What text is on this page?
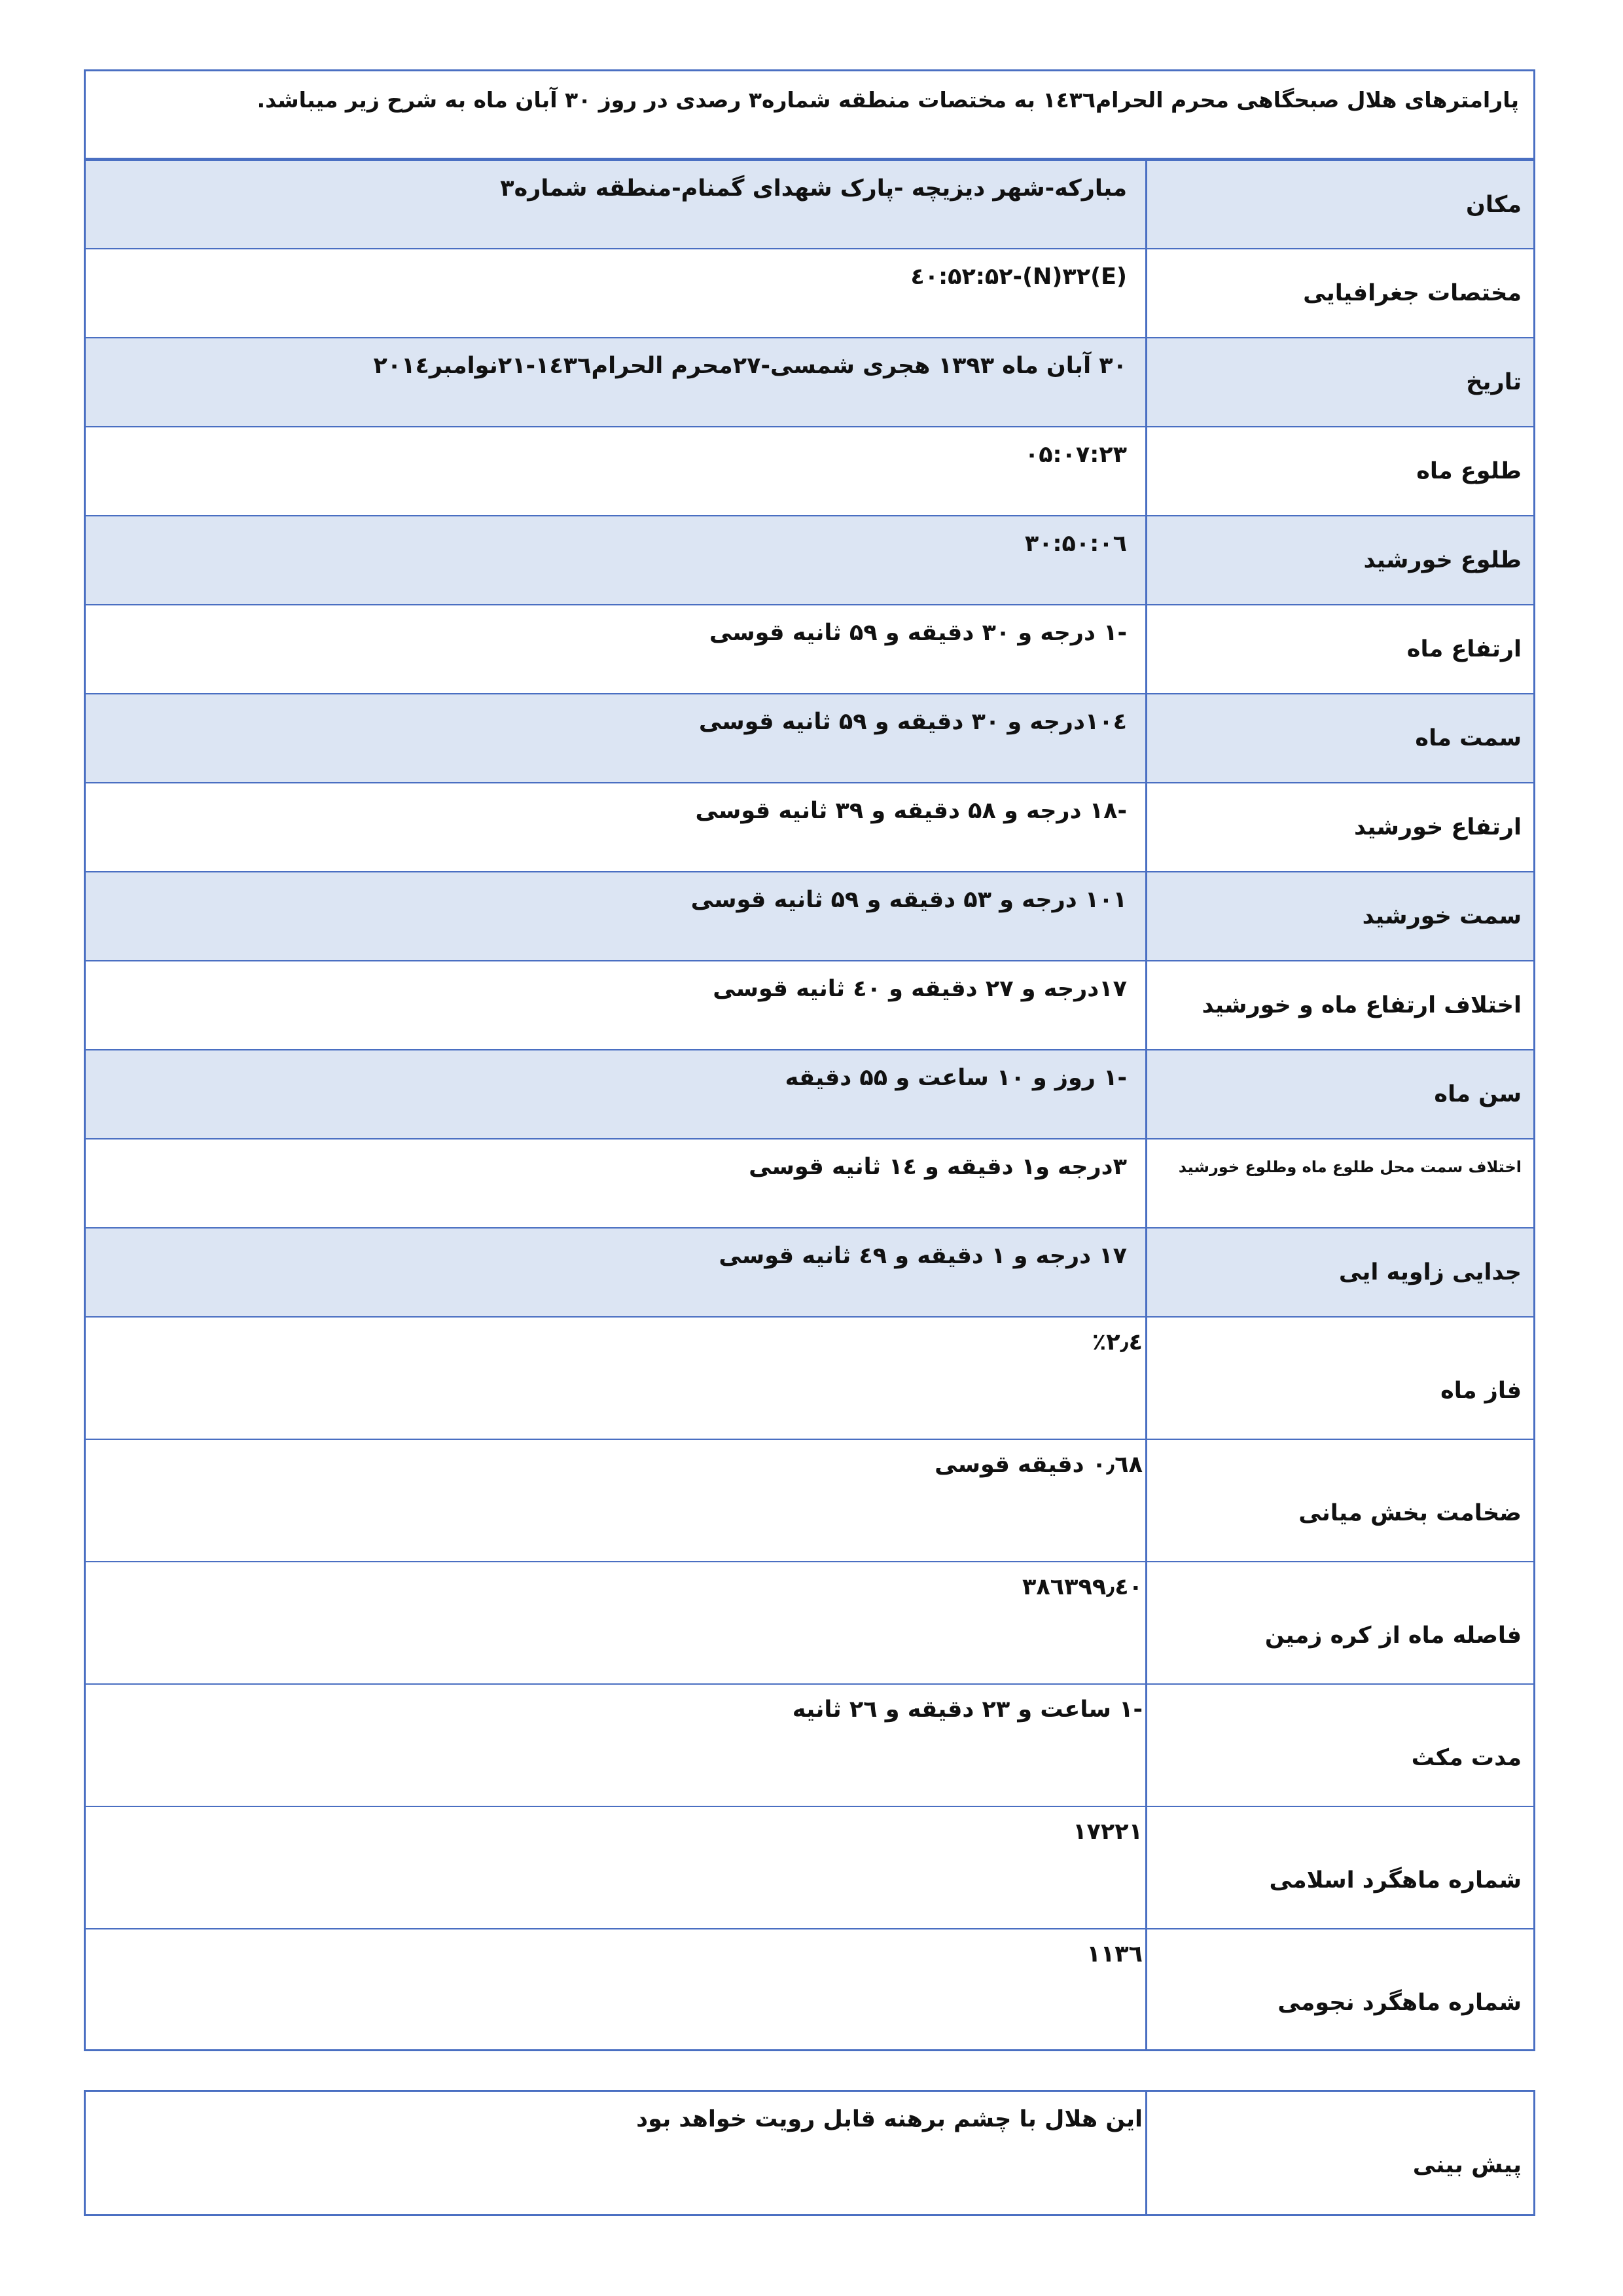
پارامترهای هلال صبحگاهی محرم الحرام۱٤۳٦ به مختصات منطقه شماره۳ رصدی در روز ۳۰ آبان ماه به شرح زیر میباشد.
مکان
مبارکه-شهر دیزیچه -پارک شهدای گمنام-منطقه شماره۳
مختصات جغرافیایی
(E)۵۲:۵۲-(N)۳۲:٤۰
تاریخ
۳۰ آبان ماه ۱۳۹۳ هجری شمسی-۲۷محرم الحرام۱٤۳٦-۲۱نوامبر۲۰۱٤
طلوع ماه
۰۵:۰۷:۲۳
طلوع خورشید
۰٦:۳۰:۵۰
ارتفاع ماه
-۱ درجه و ۳۰ دقیقه و ۵۹ ثانیه قوسی
سمت ماه
۱۰٤درجه و ۳۰ دقیقه و ۵۹ ثانیه قوسی
ارتفاع خورشید
-۱۸ درجه و ۵۸ دقیقه و ۳۹ ثانیه قوسی
سمت خورشید
۱۰۱ درجه و ۵۳ دقیقه و ۵۹ ثانیه قوسی
اختلاف ارتفاع ماه و خورشید
۱۷درجه و ۲۷ دقیقه و ٤۰ ثانیه قوسی
سن ماه
-۱ روز و ۱۰ ساعت و ۵۵ دقیقه
اختلاف سمت محل طلوع ماه وطلوع خورشید
۳درجه و۱ دقیقه و ۱٤ ثانیه قوسی
جدایی زاویه ایی
۱۷ درجه و ۱ دقیقه و ٤۹ ثانیه قوسی
فاز ماه
٪۲٫٤
ضخامت بخش میانی
۰٫٦۸ دقیقه قوسی
فاصله ماه از کره زمین
۳۸٦۳۹۹٫٤۰
مدت مکث
-۱ ساعت و ۲۳ دقیقه و ۲٦ ثانیه
شماره ماهگرد اسلامی
۱۷۲۲۱
شماره ماهگرد نجومی
۱۱۳٦
پیش بینی
این هلال با چشم برهنه قابل رویت خواهد بود
